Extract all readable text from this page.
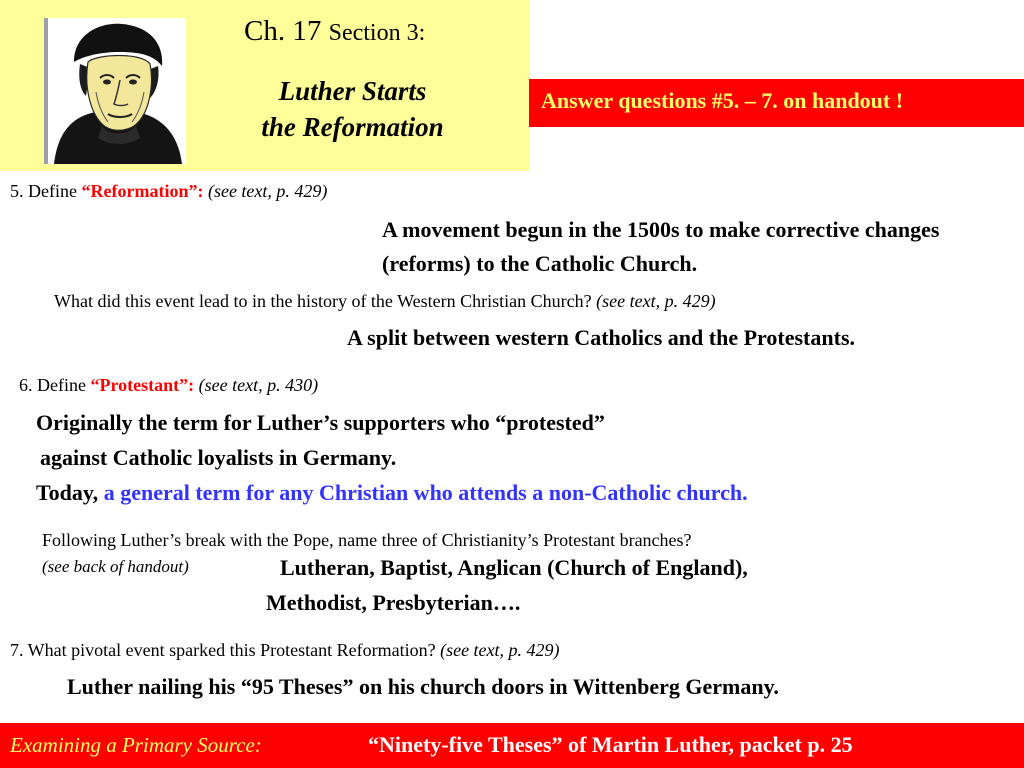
Ch. 17 Section 3:
Luther Starts
the Reformation
Answer questions #5. – 7. on handout !
5. Define “Reformation”: (see text, p. 429)
A movement begun in the 1500s to make corrective changes (reforms) to the Catholic Church.
What did this event lead to in the history of the Western Christian Church? (see text, p. 429)
A split between western Catholics and the Protestants.
6. Define “Protestant”: (see text, p. 430)
Originally the term for Luther’s supporters who “protested”
against Catholic loyalists in Germany.
Today, a general term for any Christian who attends a non-Catholic church.
Following Luther’s break with the Pope, name three of Christianity’s Protestant branches?
(see back of handout)	Lutheran, Baptist, Anglican (Church of England),
Methodist, Presbyterian….
7. What pivotal event sparked this Protestant Reformation? (see text, p. 429)
Luther nailing his “95 Theses” on his church doors in Wittenberg Germany.
Examining a Primary Source:	“Ninety-five Theses” of Martin Luther, packet p. 25
